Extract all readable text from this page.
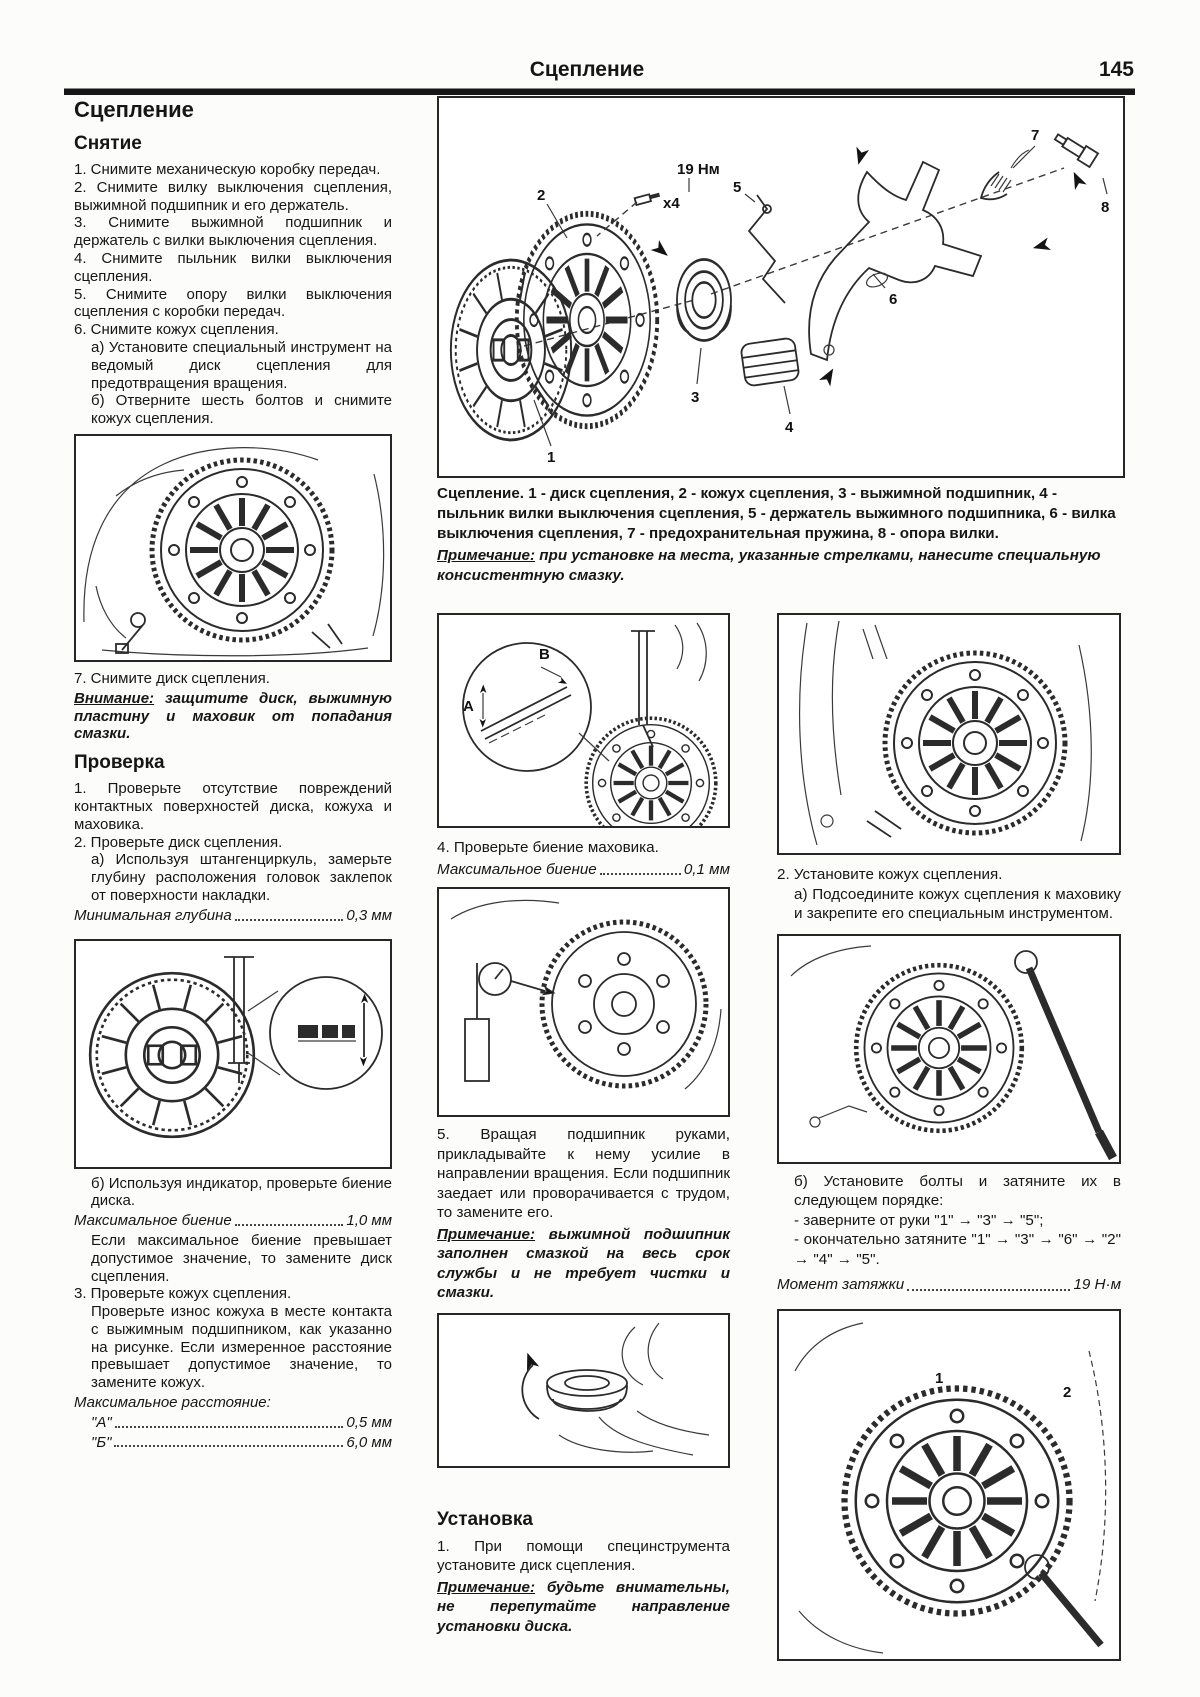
Сцепление	145
Сцепление
Снятие

1. Снимите механическую коробку передач.

2. Снимите вилку выключения сцепления, выжимной подшипник и его держатель.

3. Снимите выжимной подшипник и держатель с вилки выключения сцепления.

4. Снимите пыльник вилки выключения сцепления.

5. Снимите опору вилки выключения сцепления с коробки передач.

6. Снимите кожух сцепления.

а) Установите специальный инструмент на ведомый диск сцепления для предотвращения вращения.

б) Отверните шесть болтов и снимите кожух сцепления.

7. Снимите диск сцепления.

Внимание: защитите диск, выжимную пластину и маховик от попадания смазки.

Проверка

1. Проверьте отсутствие повреждений контактных поверхностей диска, кожуха и маховика.

2. Проверьте диск сцепления.

а) Используя штангенциркуль, замерьте глубину расположения головок заклепок от поверхности накладки.

Минимальная глубина	0,3 мм

б) Используя индикатор, проверьте биение диска.

Максимальное биение	1,0 мм

Если максимальное биение превышает допустимое значение, то замените диск сцепления.

3. Проверьте кожух сцепления.

Проверьте износ кожуха в месте контакта с выжимным подшипником, как указанно на рисунке. Если измеренное расстояние превышает допустимое значение, то замените кожух.

Максимальное расстояние:
"А"	0,5 мм
"Б"	6,0 мм
19 Нм
x4
1
2
3
4
5
6
7
8

Сцепление. 1 - диск сцепления, 2 - кожух сцепления, 3 - выжимной подшипник, 4 - пыльник вилки выключения сцепления, 5 - держатель выжимного подшипника, 6 - вилка выключения сцепления, 7 - предохранительная пружина, 8 - опора вилки.

Примечание: при установке на места, указанные стрелками, нанесите специальную консистентную смазку.

А
В

4. Проверьте биение маховика.

Максимальное биение	0,1 мм

5. Вращая подшипник руками, прикладывайте к нему усилие в направлении вращения. Если подшипник заедает или проворачивается с трудом, то замените его.

Примечание: выжимной подшипник заполнен смазкой на весь срок службы и не требует чистки и смазки.

Установка

1. При помощи специнструмента установите диск сцепления.

Примечание: будьте внимательны, не перепутайте направление установки диска.

2. Установите кожух сцепления.

а) Подсоедините кожух сцепления к маховику и закрепите его специальным инструментом.

б) Установите болты и затяните их в следующем порядке:

- заверните от руки "1" → "3" → "5";

- окончательно затяните "1" → "3" → "6" → "2" → "4" → "5".

Момент затяжки	19 Н·м
1
2
